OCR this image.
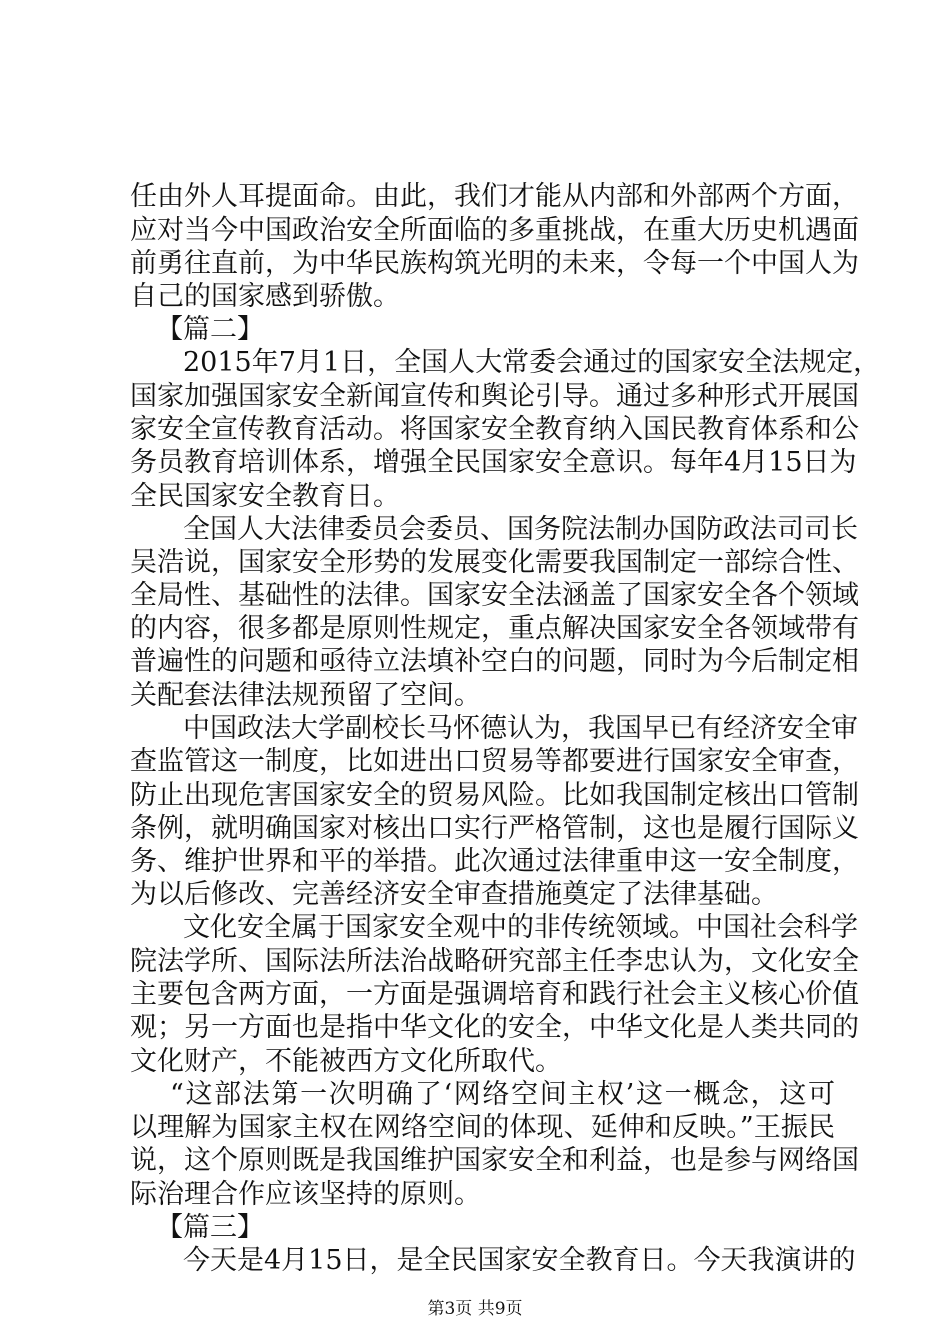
任由外人耳提面命。由此，我们才能从内部和外部两个方面，
应对当今中国政治安全所面临的多重挑战，在重大历史机遇面
前勇往直前，为中华民族构筑光明的未来，令每一个中国人为
自己的国家感到骄傲。
【篇二】
2015年7月1日，全国人大常委会通过的国家安全法规定，
国家加强国家安全新闻宣传和舆论引导。通过多种形式开展国
家安全宣传教育活动。将国家安全教育纳入国民教育体系和公
务员教育培训体系，增强全民国家安全意识。每年4月15日为
全民国家安全教育日。
全国人大法律委员会委员、国务院法制办国防政法司司长
吴浩说，国家安全形势的发展变化需要我国制定一部综合性、
全局性、基础性的法律。国家安全法涵盖了国家安全各个领域
的内容，很多都是原则性规定，重点解决国家安全各领域带有
普遍性的问题和亟待立法填补空白的问题，同时为今后制定相
关配套法律法规预留了空间。
中国政法大学副校长马怀德认为，我国早已有经济安全审
查监管这一制度，比如进出口贸易等都要进行国家安全审查，
防止出现危害国家安全的贸易风险。比如我国制定核出口管制
条例，就明确国家对核出口实行严格管制，这也是履行国际义
务、维护世界和平的举措。此次通过法律重申这一安全制度，
为以后修改、完善经济安全审查措施奠定了法律基础。
文化安全属于国家安全观中的非传统领域。中国社会科学
院法学所、国际法所法治战略研究部主任李忠认为，文化安全
主要包含两方面，一方面是强调培育和践行社会主义核心价值
观；另一方面也是指中华文化的安全，中华文化是人类共同的
文化财产，不能被西方文化所取代。
“这部法第一次明确了‘网络空间主权’这一概念，这可
以理解为国家主权在网络空间的体现、延伸和反映。”王振民
说，这个原则既是我国维护国家安全和利益，也是参与网络国
际治理合作应该坚持的原则。
【篇三】
今天是4月15日，是全民国家安全教育日。今天我演讲的
第3页 共9页
